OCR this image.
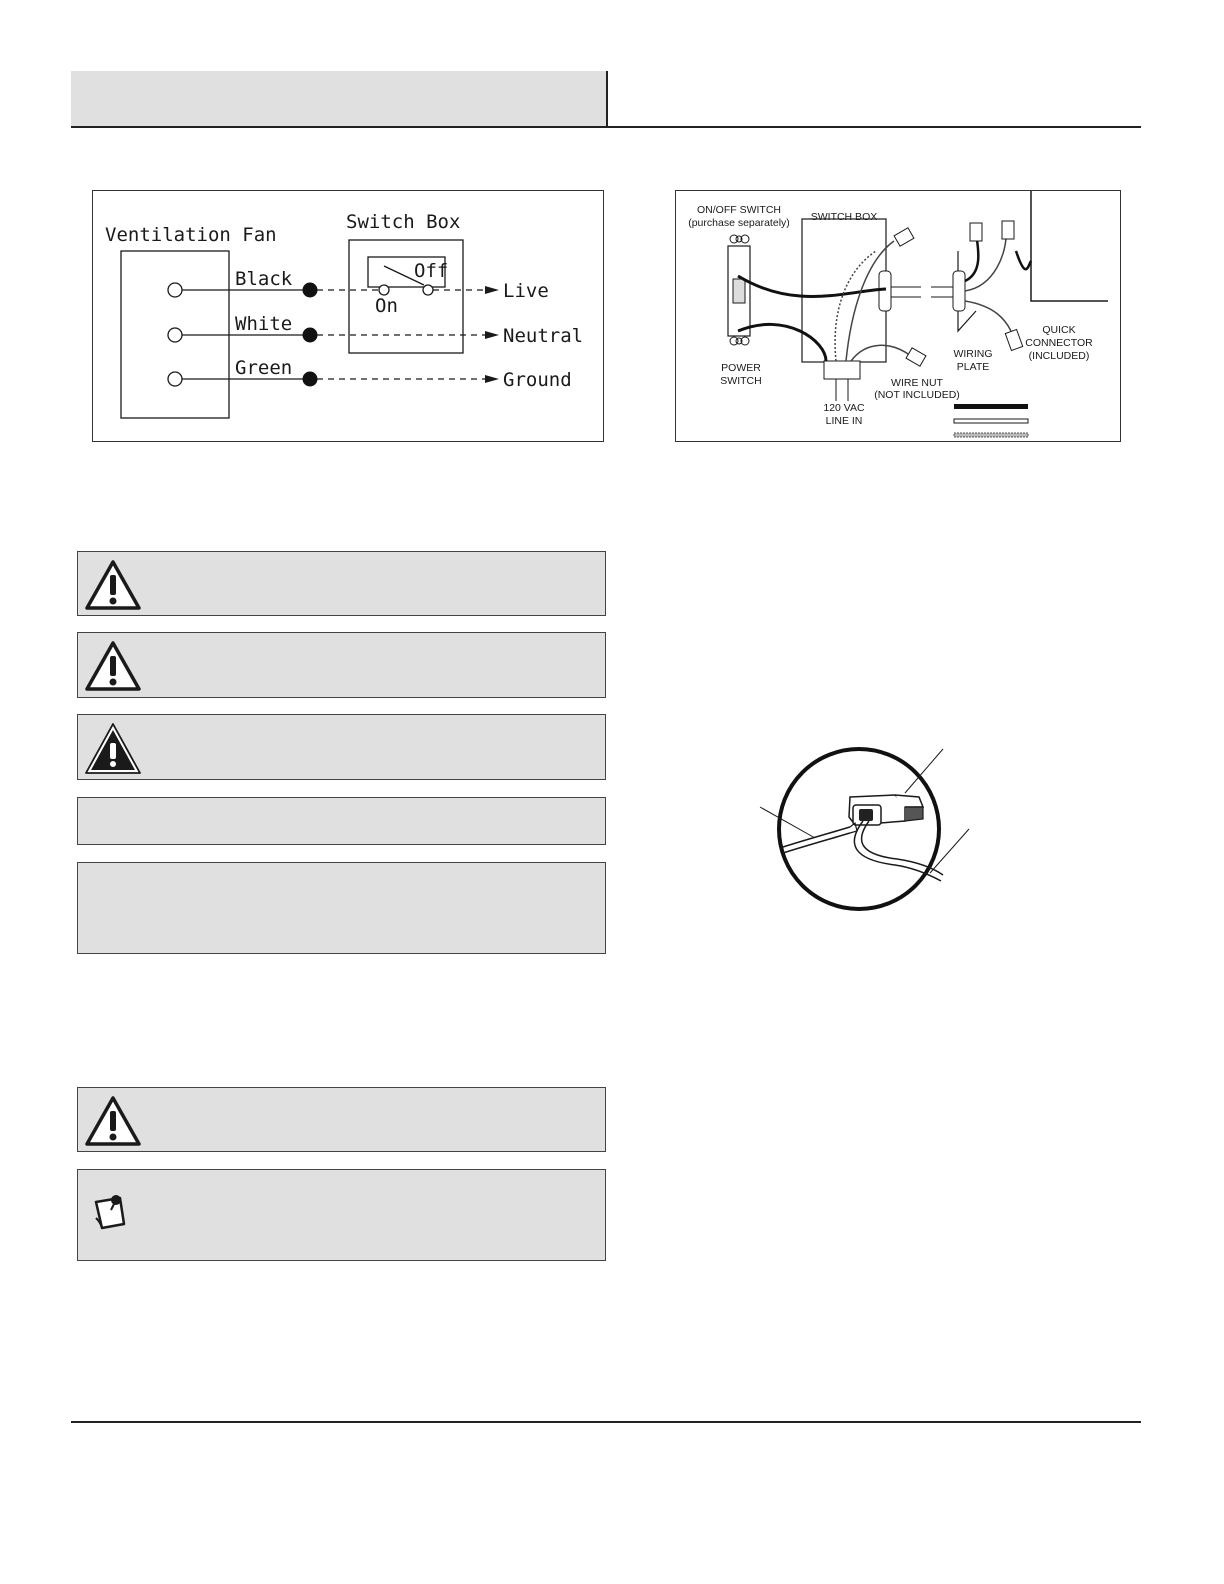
Ventilation Fan
Switch Box
Off
On
Black
Live
White
Neutral
Green
Ground
ON/OFF SWITCH
(purchase separately) SWITCH BOX
POWER
SWITCH
120 VAC
LINE IN
WIRE NUT
(NOT INCLUDED)
WIRING
PLATE
QUICK
CONNECTOR
(INCLUDED)
